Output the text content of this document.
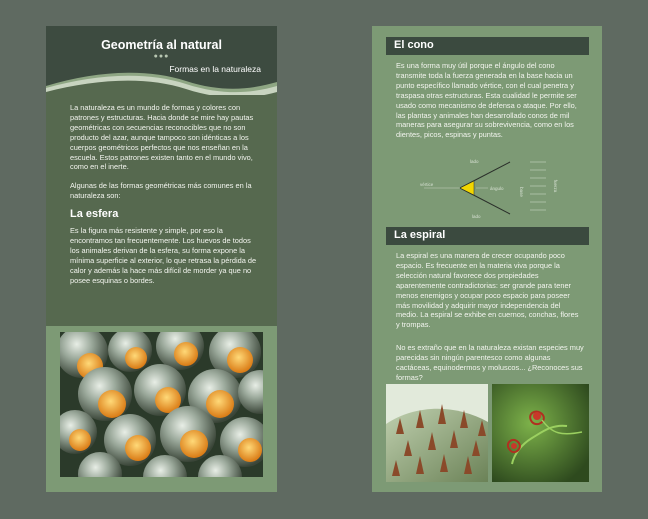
Geometría al natural
●●●
Formas en la naturaleza

La naturaleza es un mundo de formas y colores con patrones y estructuras. Hacia donde se mire hay pautas geométricas con secuencias reconocibles que no son producto del azar, aunque tampoco son idénticas a los cuerpos geométricos perfectos que nos enseñan en la escuela. Estos patrones existen tanto en el mundo vivo, como en el inerte.

Algunas de las formas geométricas más comunes en la naturaleza son:

La esfera

Es la figura más resistente y simple, por eso la encontramos tan frecuentemente. Los huevos de todos los animales derivan de la esfera, su forma expone la mínima superficie al exterior, lo que retrasa la pérdida de calor y además la hace más difícil de morder ya que no posee esquinas o bordes.

El cono

Es una forma muy útil porque el ángulo del cono transmite toda la fuerza generada en la base hacia un punto específico llamado vértice, con el cual penetra y traspasa otras estructuras. Esta cualidad le permite ser usado como mecanismo de defensa o ataque. Por ello, las plantas y animales han desarrollado conos de mil maneras para asegurar su sobrevivencia, como en los dientes, picos, espinas y puntas.

lado
vértice
ángulo
lado
base	fuerza
La espiral

La espiral es una manera de crecer ocupando poco espacio. Es frecuente en la materia viva porque la selección natural favorece dos propiedades aparentemente contradictorias: ser grande para tener menos enemigos y ocupar poco espacio para poseer más movilidad y adquirir mayor independencia del medio. La espiral se exhibe en cuernos, conchas, flores y trompas.

No es extraño que en la naturaleza existan especies muy parecidas sin ningún parentesco como algunas cactáceas, equinodermos y moluscos... ¿Reconoces sus formas?
